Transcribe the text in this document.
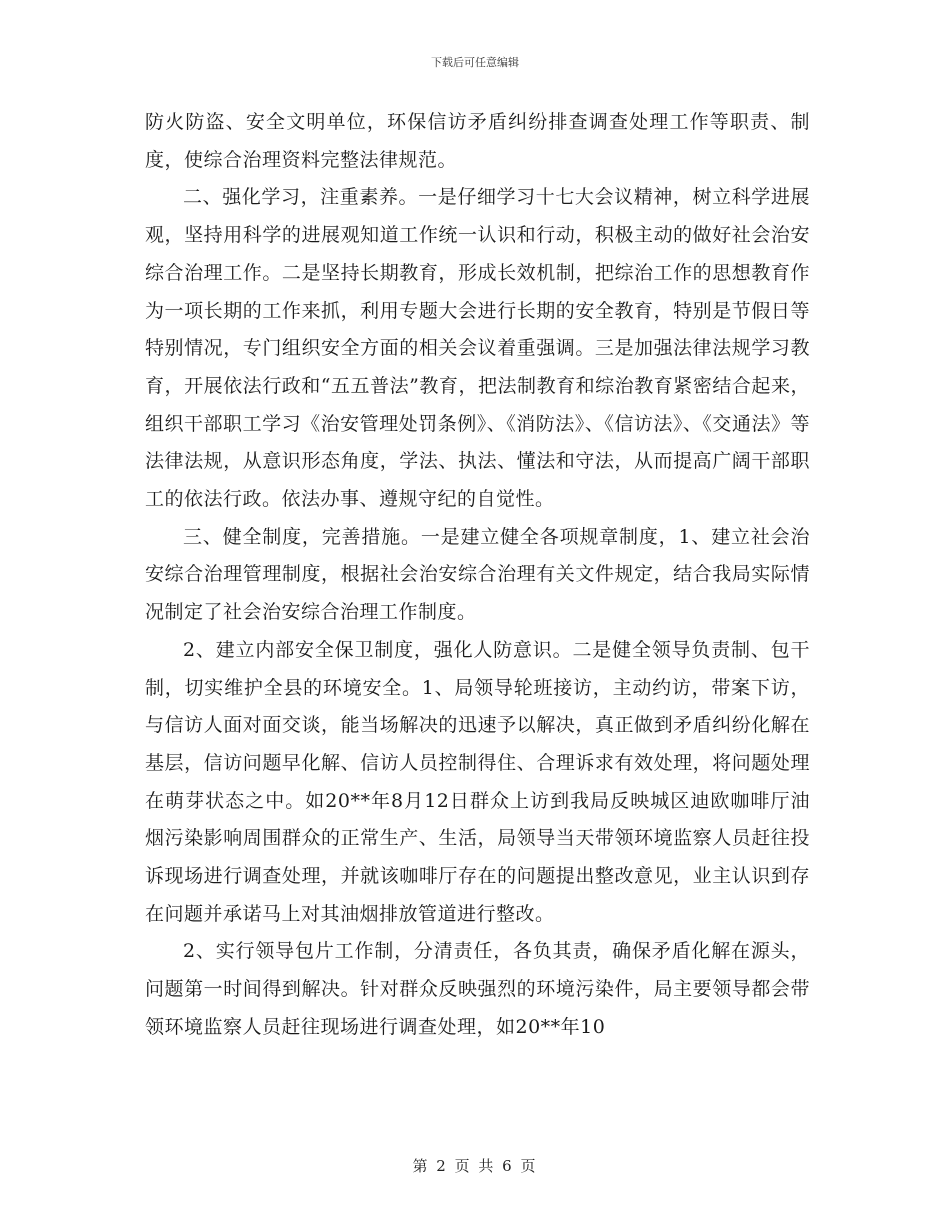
下载后可任意编辑

防火防盗、安全文明单位，环保信访矛盾纠纷排查调查处理工作等职责、制度，使综合治理资料完整法律规范。

二、强化学习，注重素养。一是仔细学习十七大会议精神，树立科学进展观，坚持用科学的进展观知道工作统一认识和行动，积极主动的做好社会治安综合治理工作。二是坚持长期教育，形成长效机制，把综治工作的思想教育作为一项长期的工作来抓，利用专题大会进行长期的安全教育，特别是节假日等特别情况，专门组织安全方面的相关会议着重强调。三是加强法律法规学习教育，开展依法行政和“五五普法”教育，把法制教育和综治教育紧密结合起来，组织干部职工学习《治安管理处罚条例》、《消防法》、《信访法》、《交通法》等法律法规，从意识形态角度，学法、执法、懂法和守法，从而提高广阔干部职工的依法行政。依法办事、遵规守纪的自觉性。

三、健全制度，完善措施。一是建立健全各项规章制度，1、建立社会治安综合治理管理制度，根据社会治安综合治理有关文件规定，结合我局实际情况制定了社会治安综合治理工作制度。

2、建立内部安全保卫制度，强化人防意识。二是健全领导负责制、包干制，切实维护全县的环境安全。1、局领导轮班接访，主动约访，带案下访，与信访人面对面交谈，能当场解决的迅速予以解决，真正做到矛盾纠纷化解在基层，信访问题早化解、信访人员控制得住、合理诉求有效处理，将问题处理在萌芽状态之中。如20**年8月12日群众上访到我局反映城区迪欧咖啡厅油烟污染影响周围群众的正常生产、生活，局领导当天带领环境监察人员赶往投诉现场进行调查处理，并就该咖啡厅存在的问题提出整改意见，业主认识到存在问题并承诺马上对其油烟排放管道进行整改。

2、实行领导包片工作制，分清责任，各负其责，确保矛盾化解在源头，问题第一时间得到解决。针对群众反映强烈的环境污染件，局主要领导都会带领环境监察人员赶往现场进行调查处理，如20**年10

第 2 页 共 6 页
